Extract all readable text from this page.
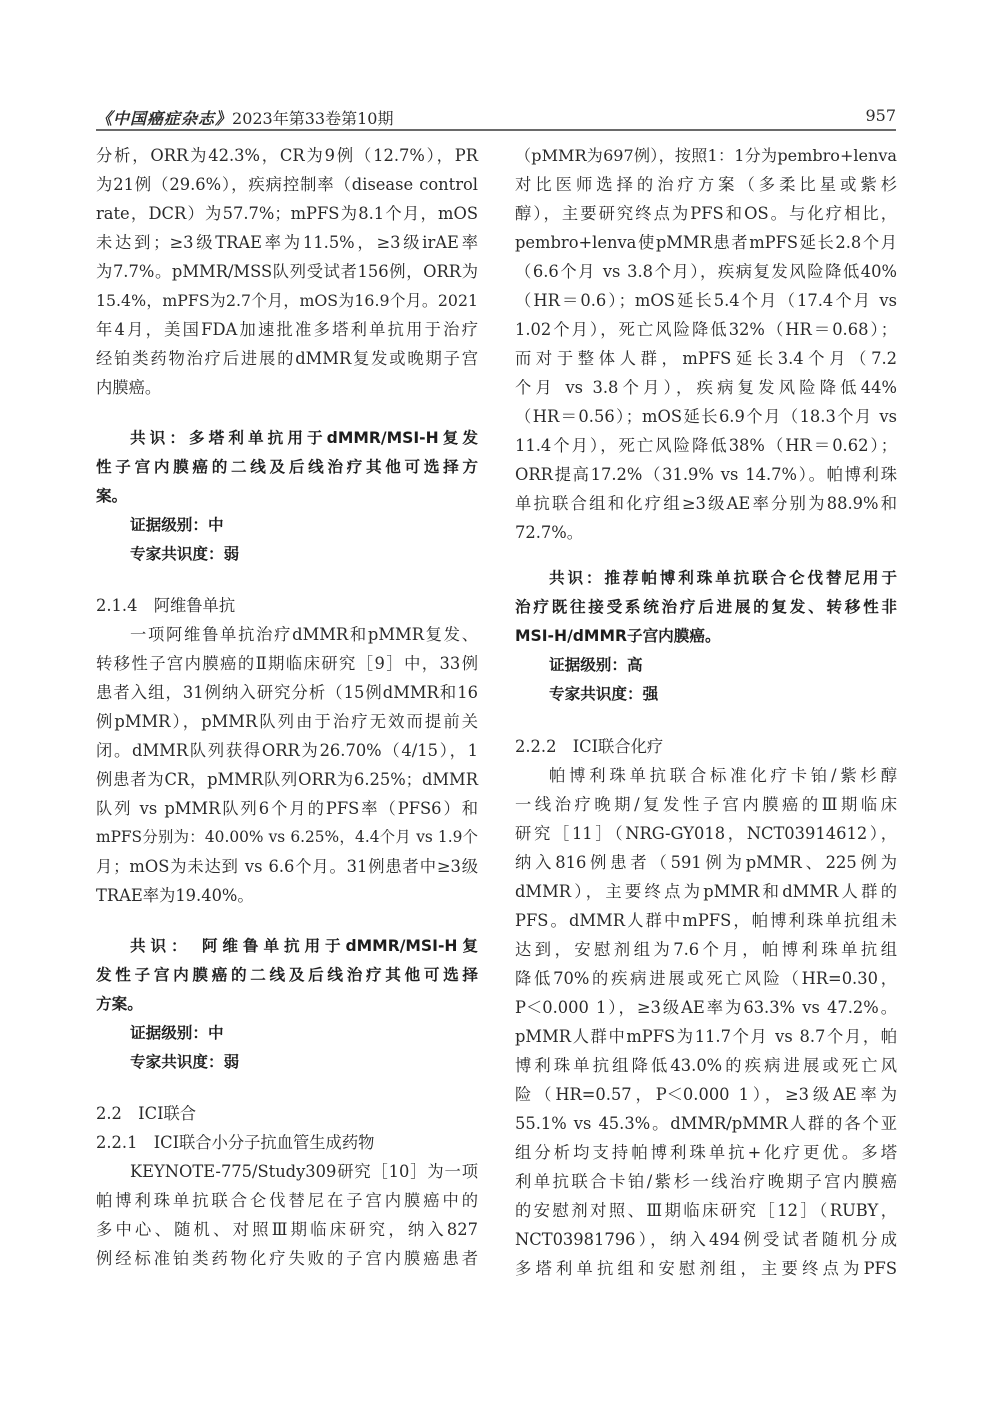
《中国癌症杂志》2023年第33卷第10期	957
分析，ORR为42.3%，CR为9例（12.7%），PR
为21例（29.6%），疾病控制率（disease control
rate，DCR）为57.7%；mPFS为8.1个月，mOS
未达到；≥3级TRAE率为11.5%，≥3级irAE率
为7.7%。pMMR/MSS队列受试者156例，ORR为
15.4%，mPFS为2.7个月，mOS为16.9个月。2021
年4月，美国FDA加速批准多塔利单抗用于治疗
经铂类药物治疗后进展的dMMR复发或晚期子宫
内膜癌。
共识：多塔利单抗用于dMMR/MSI-H复发
性子宫内膜癌的二线及后线治疗其他可选择方
案。
证据级别：中
专家共识度：弱
2.1.4　阿维鲁单抗
一项阿维鲁单抗治疗dMMR和pMMR复发、
转移性子宫内膜癌的Ⅱ期临床研究［9］中，33例
患者入组，31例纳入研究分析（15例dMMR和16
例pMMR），pMMR队列由于治疗无效而提前关
闭。dMMR队列获得ORR为26.70%（4/15），1
例患者为CR，pMMR队列ORR为6.25%；dMMR
队列 vs pMMR队列6个月的PFS率（PFS6）和
mPFS分别为：40.00% vs 6.25%，4.4个月 vs 1.9个
月；mOS为未达到 vs 6.6个月。31例患者中≥3级
TRAE率为19.40%。
共识： 阿维鲁单抗用于dMMR/MSI-H复
发性子宫内膜癌的二线及后线治疗其他可选择
方案。
证据级别：中
专家共识度：弱
2.2　ICI联合
2.2.1　ICI联合小分子抗血管生成药物
KEYNOTE-775/Study309研究［10］为一项
帕博利珠单抗联合仑伐替尼在子宫内膜癌中的
多中心、随机、对照Ⅲ期临床研究，纳入827
例经标准铂类药物化疗失败的子宫内膜癌患者
（pMMR为697例），按照1：1分为pembro+lenva
对比医师选择的治疗方案（多柔比星或紫杉
醇），主要研究终点为PFS和OS。与化疗相比，
pembro+lenva使pMMR患者mPFS延长2.8个月
（6.6个月 vs 3.8个月），疾病复发风险降低40%
（HR＝0.6）；mOS延长5.4个月（17.4个月 vs
1.02个月），死亡风险降低32%（HR＝0.68）；
而对于整体人群，mPFS延长3.4个月（7.2
个月 vs 3.8个月），疾病复发风险降低44%
（HR＝0.56）；mOS延长6.9个月（18.3个月 vs
11.4个月），死亡风险降低38%（HR＝0.62）；
ORR提高17.2%（31.9% vs 14.7%）。帕博利珠
单抗联合组和化疗组≥3级AE率分别为88.9%和
72.7%。
共识：推荐帕博利珠单抗联合仑伐替尼用于
治疗既往接受系统治疗后进展的复发、转移性非
MSI-H/dMMR子宫内膜癌。
证据级别：高
专家共识度：强
2.2.2　ICI联合化疗
帕博利珠单抗联合标准化疗卡铂/紫杉醇
一线治疗晚期/复发性子宫内膜癌的Ⅲ期临床
研究［11］（NRG-GY018，NCT03914612），
纳入816例患者（591例为pMMR、225例为
dMMR），主要终点为pMMR和dMMR人群的
PFS。dMMR人群中mPFS，帕博利珠单抗组未
达到，安慰剂组为7.6个月，帕博利珠单抗组
降低70%的疾病进展或死亡风险（HR=0.30，
P＜0.000 1），≥3级AE率为63.3% vs 47.2%。
pMMR人群中mPFS为11.7个月 vs 8.7个月，帕
博利珠单抗组降低43.0%的疾病进展或死亡风
险（HR=0.57，P＜0.000 1），≥3级AE率为
55.1% vs 45.3%。dMMR/pMMR人群的各个亚
组分析均支持帕博利珠单抗+化疗更优。多塔
利单抗联合卡铂/紫杉一线治疗晚期子宫内膜癌
的安慰剂对照、Ⅲ期临床研究［12］（RUBY，
NCT03981796），纳入494例受试者随机分成
多塔利单抗组和安慰剂组，主要终点为PFS
